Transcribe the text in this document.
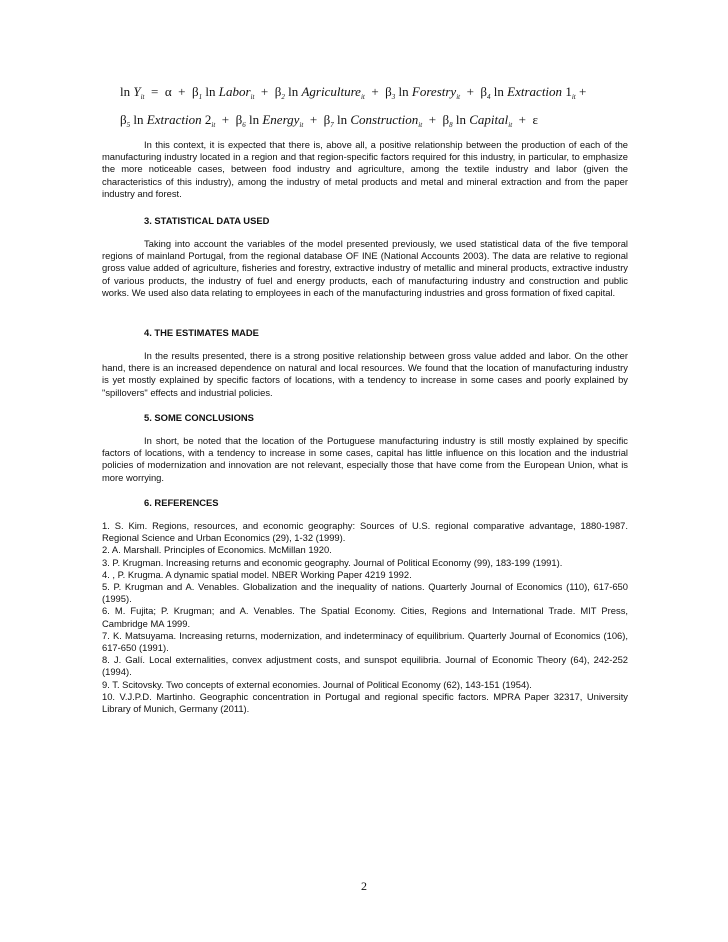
$\ln Y_{it} = \alpha + \beta_1$ ln Labor$_{it}$  +  $\beta_2$ ln Agriculture$_{it}$  +  $\beta_3$ ln Forestry$_{it}$  +  $\beta_4$ ln Extraction $1_{it}$ +
$\beta_5$ ln Extraction $2_{it} + \beta_6$ ln Energy$_{it}$  +  $\beta_7$ ln Construction$_{it}$  +  $\beta_8$ ln Capital$_{it}$  +  ε
In this context, it is expected that there is, above all, a positive relationship between the production of each of the manufacturing industry located in a region and that region-specific factors required for this industry, in particular, to emphasize the more noticeable cases, between food industry and agriculture, among the textile industry and labor (given the characteristics of this industry), among the industry of metal products and metal and mineral extraction and from the paper industry and forest.
3. STATISTICAL DATA USED
Taking into account the variables of the model presented previously, we used statistical data of the five temporal regions of mainland Portugal, from the regional database OF INE (National Accounts 2003). The data are relative to regional gross value added of agriculture, fisheries and forestry, extractive industry of metallic and mineral products, extractive industry of various products, the industry of fuel and energy products, each of manufacturing industry and construction and public works. We used also data relating to employees in each of the manufacturing industries and gross formation of fixed capital.
4. THE ESTIMATES MADE
In the results presented, there is a strong positive relationship between gross value added and labor. On the other hand, there is an increased dependence on natural and local resources. We found that the location of manufacturing industry is yet mostly explained by specific factors of locations, with a tendency to increase in some cases and poorly explained by "spillovers" effects and industrial policies.
5. SOME CONCLUSIONS
In short, be noted that the location of the Portuguese manufacturing industry is still mostly explained by specific factors of locations, with a tendency to increase in some cases, capital has little influence on this location and the industrial policies of modernization and innovation are not relevant, especially those that have come from the European Union, what is more worrying.
6. REFERENCES

1. S. Kim. Regions, resources, and economic geography: Sources of U.S. regional comparative advantage, 1880-1987. Regional Science and Urban Economics (29), 1-32 (1999).

2. A. Marshall. Principles of Economics. McMillan 1920.

3. P. Krugman. Increasing returns and economic geography. Journal of Political Economy (99), 183-199 (1991).

4. , P. Krugma. A dynamic spatial model. NBER Working Paper 4219 1992.

5. P. Krugman and A. Venables. Globalization and the inequality of nations. Quarterly Journal of Economics (110), 617-650 (1995).

6. M. Fujita; P. Krugman; and A. Venables. The Spatial Economy. Cities, Regions and International Trade. MIT Press, Cambridge MA 1999.

7. K. Matsuyama. Increasing returns, modernization, and indeterminacy of equilibrium. Quarterly Journal of Economics (106), 617-650 (1991).

8. J. Galí. Local externalities, convex adjustment costs, and sunspot equilibria. Journal of Economic Theory (64), 242-252 (1994).

9. T. Scitovsky. Two concepts of external economies. Journal of Political Economy (62), 143-151 (1954).

10. V.J.P.D. Martinho. Geographic concentration in Portugal and regional specific factors. MPRA Paper 32317, University Library of Munich, Germany (2011).

2
